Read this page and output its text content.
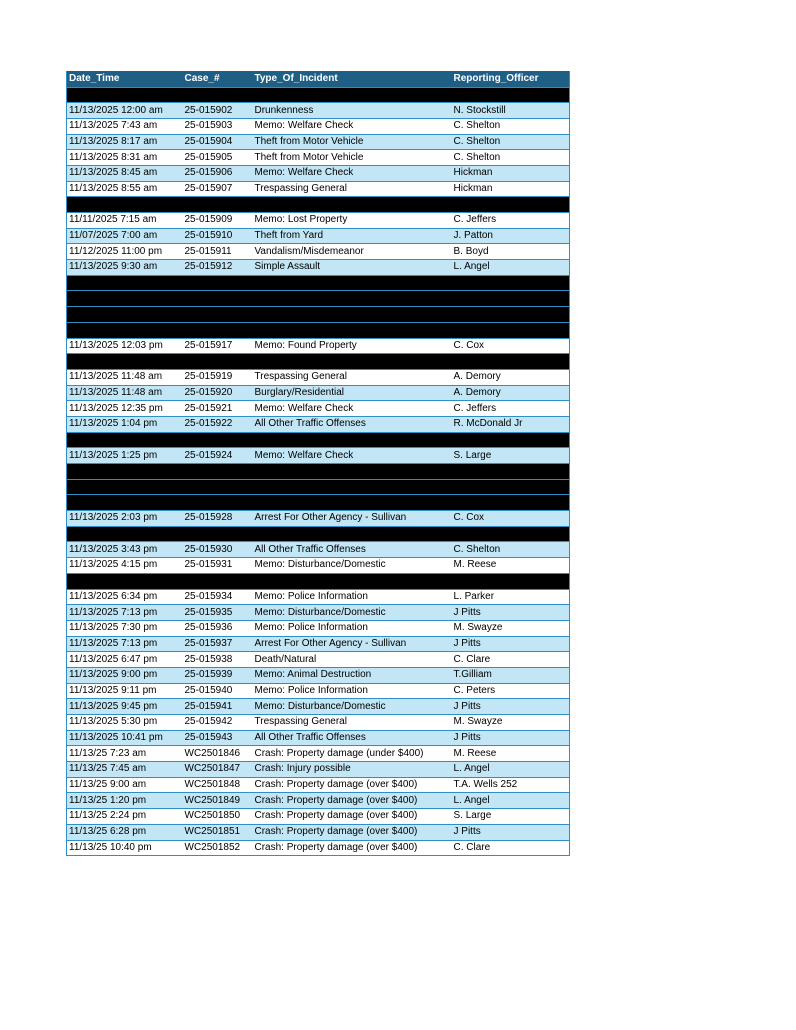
Date_Time	Case_#	Type_Of_Incident	Reporting_Officer

11/13/2025 12:00 am	25-015902	Drunkenness	N. Stockstill
11/13/2025 7:43 am	25-015903	Memo: Welfare Check	C. Shelton
11/13/2025 8:17 am	25-015904	Theft from Motor Vehicle	C. Shelton
11/13/2025 8:31 am	25-015905	Theft from Motor Vehicle	C. Shelton
11/13/2025 8:45 am	25-015906	Memo: Welfare Check	Hickman
11/13/2025 8:55 am	25-015907	Trespassing General	Hickman

11/11/2025 7:15 am	25-015909	Memo: Lost Property	C. Jeffers
11/07/2025 7:00 am	25-015910	Theft from Yard	J. Patton
11/12/2025 11:00 pm	25-015911	Vandalism/Misdemeanor	B. Boyd
11/13/2025 9:30 am	25-015912	Simple Assault	L. Angel

11/13/2025 12:03 pm	25-015917	Memo: Found Property	C. Cox

11/13/2025 11:48 am	25-015919	Trespassing General	A. Demory
11/13/2025 11:48 am	25-015920	Burglary/Residential	A. Demory
11/13/2025 12:35 pm	25-015921	Memo: Welfare Check	C. Jeffers
11/13/2025 1:04 pm	25-015922	All Other Traffic Offenses	R. McDonald Jr

11/13/2025 1:25 pm	25-015924	Memo: Welfare Check	S. Large

11/13/2025 2:03 pm	25-015928	Arrest For Other Agency - Sullivan	C. Cox

11/13/2025 3:43 pm	25-015930	All Other Traffic Offenses	C. Shelton
11/13/2025 4:15 pm	25-015931	Memo: Disturbance/Domestic	M. Reese

11/13/2025 6:34 pm	25-015934	Memo: Police Information	L. Parker
11/13/2025 7:13 pm	25-015935	Memo: Disturbance/Domestic	J Pitts
11/13/2025 7:30 pm	25-015936	Memo: Police Information	M. Swayze
11/13/2025 7:13 pm	25-015937	Arrest For Other Agency - Sullivan	J Pitts
11/13/2025 6:47 pm	25-015938	Death/Natural	C. Clare
11/13/2025 9:00 pm	25-015939	Memo: Animal Destruction	T.Gilliam
11/13/2025 9:11 pm	25-015940	Memo: Police Information	C. Peters
11/13/2025 9:45 pm	25-015941	Memo: Disturbance/Domestic	J Pitts
11/13/2025 5:30 pm	25-015942	Trespassing General	M. Swayze
11/13/2025 10:41 pm	25-015943	All Other Traffic Offenses	J Pitts
11/13/25 7:23 am	WC2501846	Crash: Property damage (under $400)	M. Reese
11/13/25 7:45 am	WC2501847	Crash: Injury possible	L. Angel
11/13/25 9:00 am	WC2501848	Crash: Property damage (over $400)	T.A. Wells 252
11/13/25 1:20 pm	WC2501849	Crash: Property damage (over $400)	L. Angel
11/13/25 2:24 pm	WC2501850	Crash: Property damage (over $400)	S. Large
11/13/25 6:28 pm	WC2501851	Crash: Property damage (over $400)	J Pitts
11/13/25 10:40 pm	WC2501852	Crash: Property damage (over $400)	C. Clare
